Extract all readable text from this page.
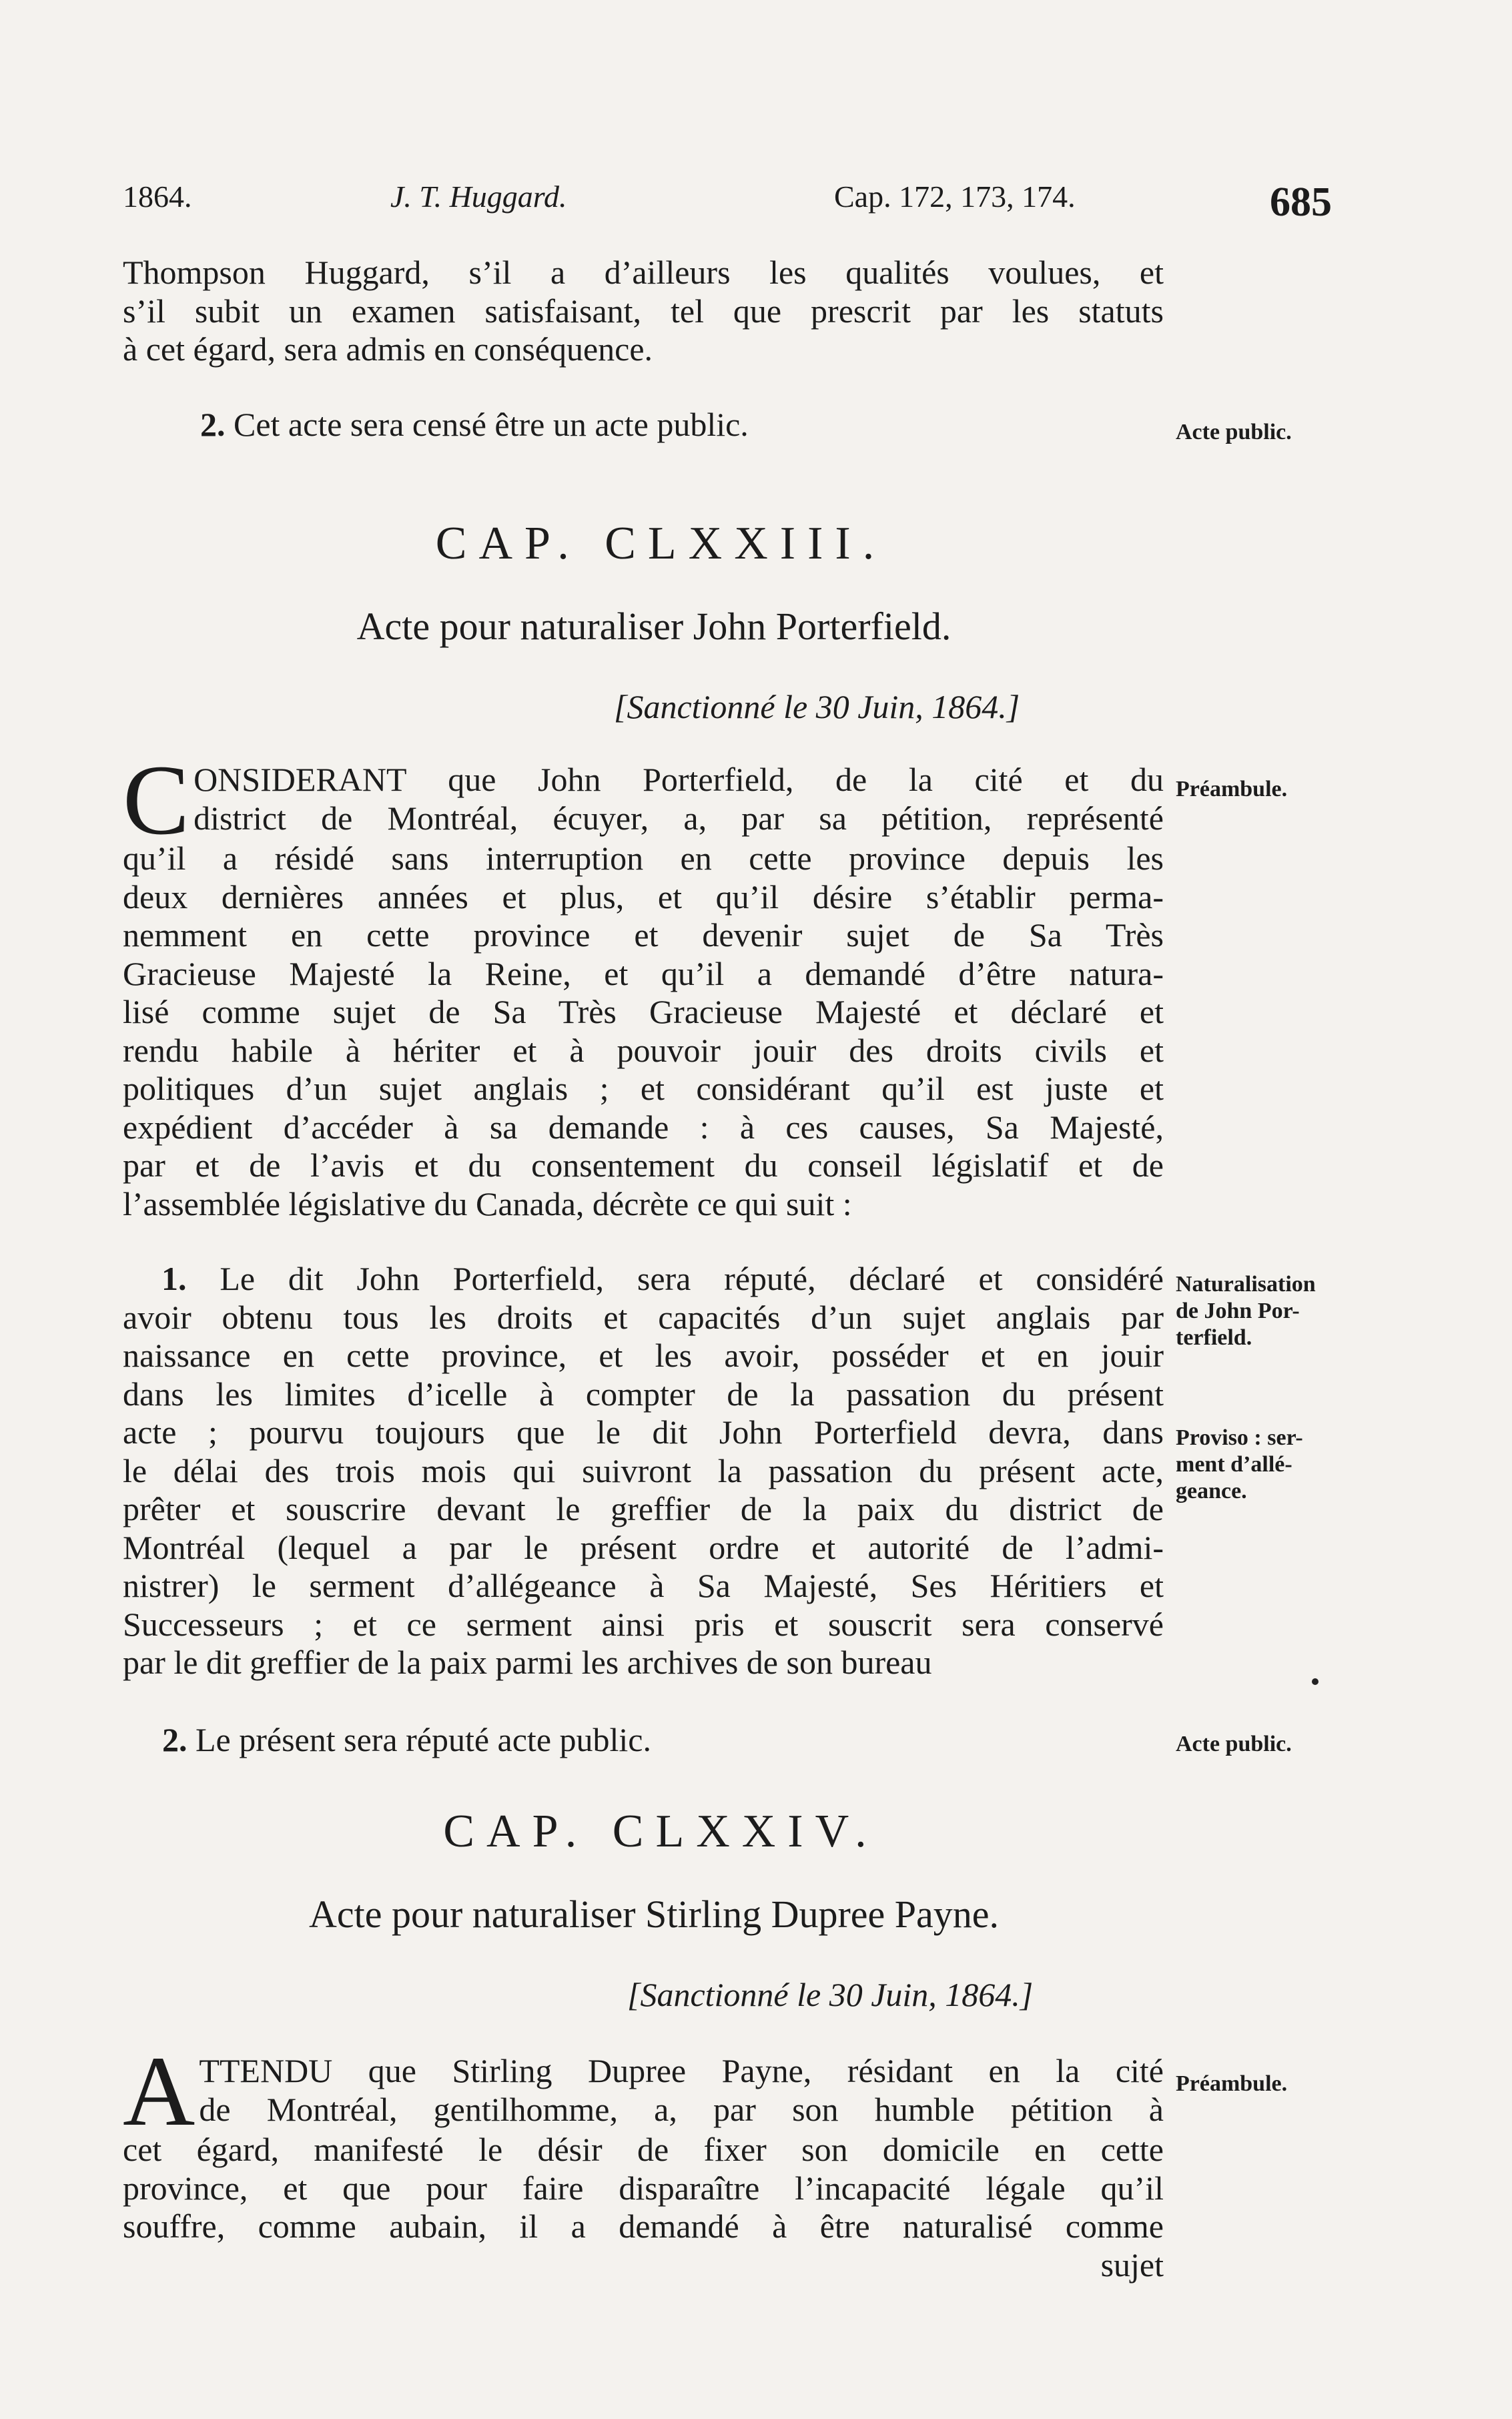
1864.	J. T. Huggard.	Cap. 172, 173, 174.	685
Thompson Huggard, s’il a d’ailleurs les qualités voulues, et
s’il subit un examen satisfaisant, tel que prescrit par les statuts
à cet égard, sera admis en conséquence.
2. Cet acte sera censé être un acte public.	Acte public.
CAP. CLXXIII.
Acte pour naturaliser John Porterfield.
[Sanctionné le 30 Juin, 1864.]
C ONSIDERANT que John Porterfield, de la cité et du
district de Montréal, écuyer, a, par sa pétition, représenté
qu’il a résidé sans interruption en cette province depuis les
deux dernières années et plus, et qu’il désire s’établir perma-
nemment en cette province et devenir sujet de Sa Très
Gracieuse Majesté la Reine, et qu’il a demandé d’être natura-
lisé comme sujet de Sa Très Gracieuse Majesté et déclaré et
rendu habile à hériter et à pouvoir jouir des droits civils et
politiques d’un sujet anglais ; et considérant qu’il est juste et
expédient d’accéder à sa demande : à ces causes, Sa Majesté,
par et de l’avis et du consentement du conseil législatif et de
l’assemblée législative du Canada, décrète ce qui suit :
Préambule.
1. Le dit John Porterfield, sera réputé, déclaré et considéré
avoir obtenu tous les droits et capacités d’un sujet anglais par
naissance en cette province, et les avoir, posséder et en jouir
dans les limites d’icelle à compter de la passation du présent
acte ; pourvu toujours que le dit John Porterfield devra, dans
le délai des trois mois qui suivront la passation du présent acte,
prêter et souscrire devant le greffier de la paix du district de
Montréal (lequel a par le présent ordre et autorité de l’admi-
nistrer) le serment d’allégeance à Sa Majesté, Ses Héritiers et
Successeurs ; et ce serment ainsi pris et souscrit sera conservé
par le dit greffier de la paix parmi les archives de son bureau
Naturalisation
de John Por-
terfield.
Proviso : ser-
ment d’allé-
geance.
2. Le présent sera réputé acte public.	Acte public.
CAP. CLXXIV.
Acte pour naturaliser Stirling Dupree Payne.
[Sanctionné le 30 Juin, 1864.]
A TTENDU que Stirling Dupree Payne, résidant en la cité
de Montréal, gentilhomme, a, par son humble pétition à
cet égard, manifesté le désir de fixer son domicile en cette
province, et que pour faire disparaître l’incapacité légale qu’il
souffre, comme aubain, il a demandé à être naturalisé comme
sujet
Préambule.
